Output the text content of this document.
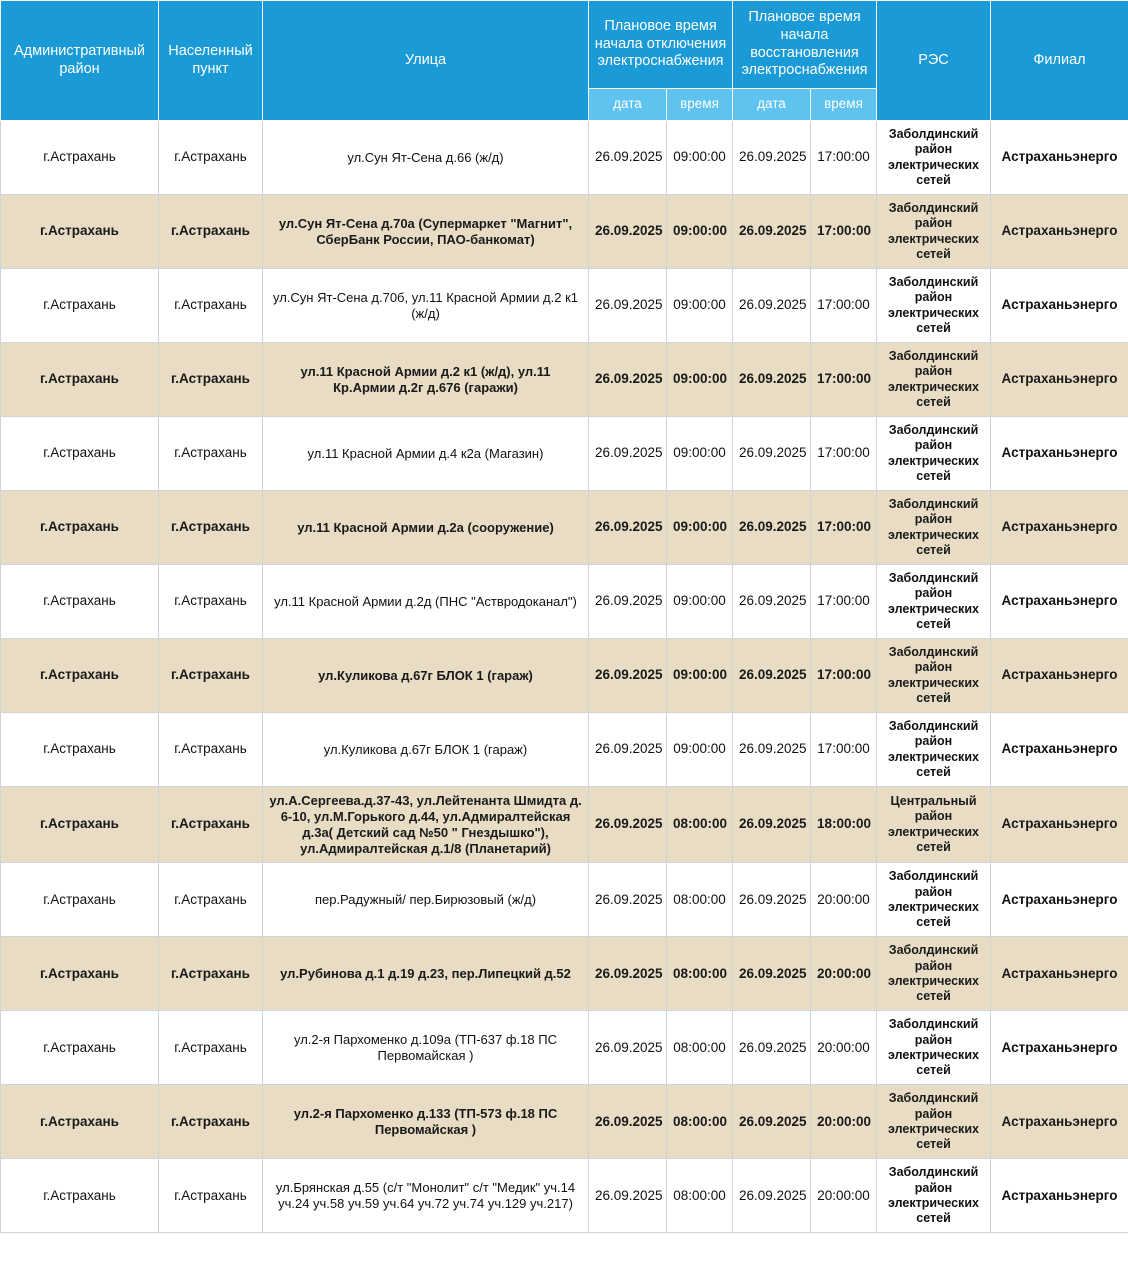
Административный район	Населенный пункт	Улица	Плановое время начала отключения электроснабжения		Плановое время начала восстановления электроснабжения		РЭС	Филиал
			дата	время	дата	время		
г.Астрахань	г.Астрахань	ул.Сун Ят-Сена д.66 (ж/д)	26.09.2025	09:00:00	26.09.2025	17:00:00	Заболдинский район электрических сетей	Астраханьэнерго
г.Астрахань	г.Астрахань	ул.Сун Ят-Сена д.70а (Супермаркет "Магнит", СберБанк России, ПАО-банкомат)	26.09.2025	09:00:00	26.09.2025	17:00:00	Заболдинский район электрических сетей	Астраханьэнерго
г.Астрахань	г.Астрахань	ул.Сун Ят-Сена д.70б, ул.11 Красной Армии д.2 к1 (ж/д)	26.09.2025	09:00:00	26.09.2025	17:00:00	Заболдинский район электрических сетей	Астраханьэнерго
г.Астрахань	г.Астрахань	ул.11 Красной Армии д.2 к1 (ж/д), ул.11 Кр.Армии д.2г д.676 (гаражи)	26.09.2025	09:00:00	26.09.2025	17:00:00	Заболдинский район электрических сетей	Астраханьэнерго
г.Астрахань	г.Астрахань	ул.11 Красной Армии д.4 к2а (Магазин)	26.09.2025	09:00:00	26.09.2025	17:00:00	Заболдинский район электрических сетей	Астраханьэнерго
г.Астрахань	г.Астрахань	ул.11 Красной Армии д.2а (сооружение)	26.09.2025	09:00:00	26.09.2025	17:00:00	Заболдинский район электрических сетей	Астраханьэнерго
г.Астрахань	г.Астрахань	ул.11 Красной Армии д.2д (ПНС "Аствродоканал")	26.09.2025	09:00:00	26.09.2025	17:00:00	Заболдинский район электрических сетей	Астраханьэнерго
г.Астрахань	г.Астрахань	ул.Куликова д.67г БЛОК 1 (гараж)	26.09.2025	09:00:00	26.09.2025	17:00:00	Заболдинский район электрических сетей	Астраханьэнерго
г.Астрахань	г.Астрахань	ул.Куликова д.67г БЛОК 1 (гараж)	26.09.2025	09:00:00	26.09.2025	17:00:00	Заболдинский район электрических сетей	Астраханьэнерго
г.Астрахань	г.Астрахань	ул.А.Сергеева.д.37-43, ул.Лейтенанта Шмидта д. 6-10, ул.М.Горького д.44, ул.Адмиралтейская д.3а( Детский сад №50 " Гнездышко"), ул.Адмиралтейская д.1/8 (Планетарий)	26.09.2025	08:00:00	26.09.2025	18:00:00	Центральный район электрических сетей	Астраханьэнерго
г.Астрахань	г.Астрахань	пер.Радужный/ пер.Бирюзовый (ж/д)	26.09.2025	08:00:00	26.09.2025	20:00:00	Заболдинский район электрических сетей	Астраханьэнерго
г.Астрахань	г.Астрахань	ул.Рубинова д.1 д.19 д.23, пер.Липецкий д.52	26.09.2025	08:00:00	26.09.2025	20:00:00	Заболдинский район электрических сетей	Астраханьэнерго
г.Астрахань	г.Астрахань	ул.2-я Пархоменко д.109а (ТП-637 ф.18 ПС Первомайская )	26.09.2025	08:00:00	26.09.2025	20:00:00	Заболдинский район электрических сетей	Астраханьэнерго
г.Астрахань	г.Астрахань	ул.2-я Пархоменко д.133 (ТП-573 ф.18 ПС Первомайская )	26.09.2025	08:00:00	26.09.2025	20:00:00	Заболдинский район электрических сетей	Астраханьэнерго
г.Астрахань	г.Астрахань	ул.Брянская д.55 (с/т "Монолит" с/т "Медик" уч.14 уч.24 уч.58 уч.59 уч.64 уч.72 уч.74 уч.129 уч.217)	26.09.2025	08:00:00	26.09.2025	20:00:00	Заболдинский район электрических сетей	Астраханьэнерго
